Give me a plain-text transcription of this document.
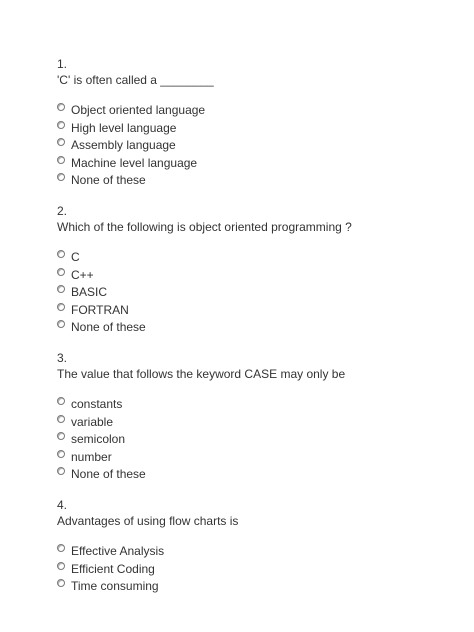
1.
'C' is often called a ________
Object oriented language
High level language
Assembly language
Machine level language
None of these
2.
Which of the following is object oriented programming ?
C
C++
BASIC
FORTRAN
None of these
3.
The value that follows the keyword CASE may only be
constants
variable
semicolon
number
None of these
4.
Advantages of using flow charts is
Effective Analysis
Efficient Coding
Time consuming
